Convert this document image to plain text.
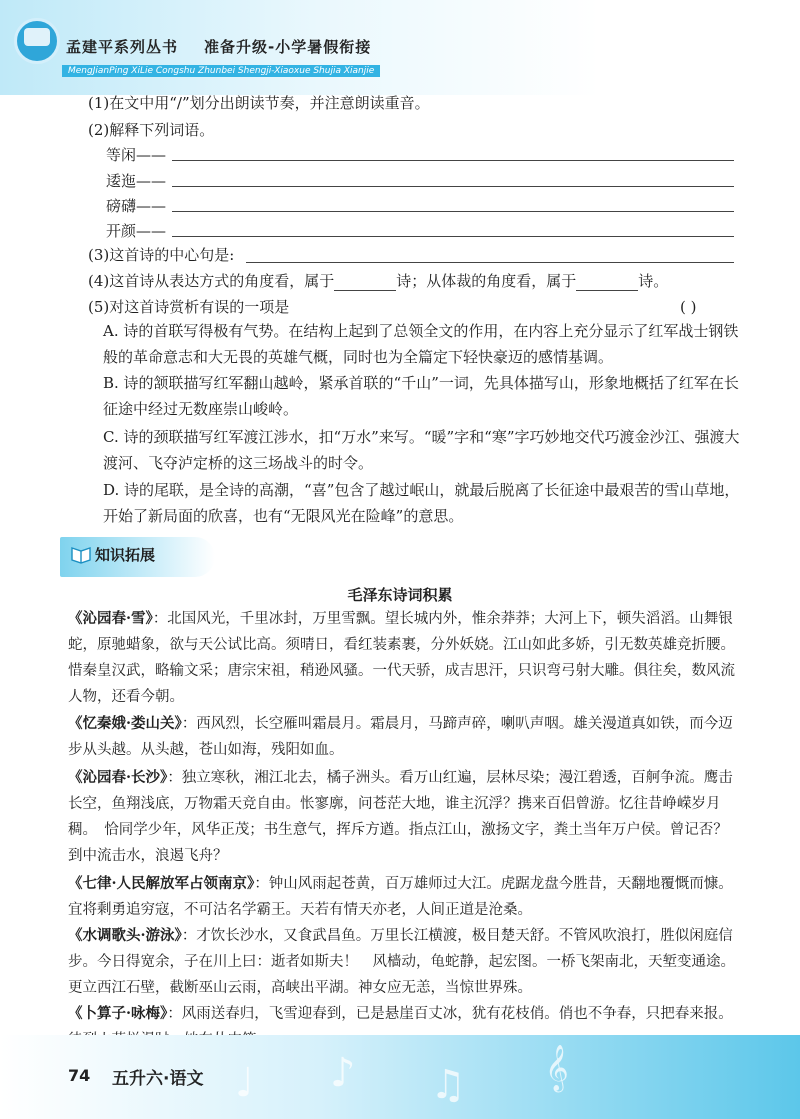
孟建平系列丛书 准备升级-小学暑假衔接
MengJianPing XiLie Congshu Zhunbei Shengji-Xiaoxue Shujia Xianjie
(1)在文中用“/”划分出朗读节奏，并注意朗读重音。
(2)解释下列词语。
等闲——
逶迤——
磅礴——
开颜——
(3)这首诗的中心句是:
(4)这首诗从表达方式的角度看，属于	诗；从体裁的角度看，属于	诗。
(5)对这首诗赏析有误的一项是	( )
A. 诗的首联写得极有气势。在结构上起到了总领全文的作用，在内容上充分显示了红军战士钢铁般的革命意志和大无畏的英雄气概，同时也为全篇定下轻快豪迈的感情基调。
B. 诗的颔联描写红军翻山越岭，紧承首联的“千山”一词，先具体描写山，形象地概括了红军在长征途中经过无数座崇山峻岭。
C. 诗的颈联描写红军渡江涉水，扣“万水”来写。“暖”字和“寒”字巧妙地交代巧渡金沙江、强渡大渡河、飞夺泸定桥的这三场战斗的时令。
D. 诗的尾联，是全诗的高潮，“喜”包含了越过岷山，就最后脱离了长征途中最艰苦的雪山草地，开始了新局面的欣喜，也有“无限风光在险峰”的意思。
知识拓展
毛泽东诗词积累
《沁园春·雪》：北国风光，千里冰封，万里雪飘。望长城内外，惟余莽莽；大河上下，顿失滔滔。山舞银蛇，原驰蜡象，欲与天公试比高。须晴日，看红装素裹，分外妖娆。江山如此多娇，引无数英雄竞折腰。　惜秦皇汉武，略输文采；唐宗宋祖，稍逊风骚。一代天骄，成吉思汗，只识弯弓射大雕。俱往矣，数风流人物，还看今朝。
《忆秦娥·娄山关》：西风烈，长空雁叫霜晨月。霜晨月，马蹄声碎，喇叭声咽。雄关漫道真如铁，而今迈步从头越。从头越，苍山如海，残阳如血。
《沁园春·长沙》：独立寒秋，湘江北去，橘子洲头。看万山红遍，层林尽染；漫江碧透，百舸争流。鹰击长空，鱼翔浅底，万物霜天竞自由。怅寥廓，问苍茫大地，谁主沉浮？携来百侣曾游。忆往昔峥嵘岁月稠。　恰同学少年，风华正茂；书生意气，挥斥方遒。指点江山，激扬文字，粪土当年万户侯。曾记否？到中流击水，浪遏飞舟？
《七律·人民解放军占领南京》：钟山风雨起苍黄，百万雄师过大江。虎踞龙盘今胜昔，天翻地覆慨而慷。宜将剩勇追穷寇，不可沽名学霸王。天若有情天亦老，人间正道是沧桑。
《水调歌头·游泳》：才饮长沙水，又食武昌鱼。万里长江横渡，极目楚天舒。不管风吹浪打，胜似闲庭信步。今日得宽余，子在川上曰：逝者如斯夫！　风樯动，龟蛇静，起宏图。一桥飞架南北，天堑变通途。更立西江石壁，截断巫山云雨，高峡出平湖。神女应无恙，当惊世界殊。
《卜算子·咏梅》：风雨送春归，飞雪迎春到，已是悬崖百丈冰，犹有花枝俏。俏也不争春，只把春来报。
♩ ♪ ♫ 𝄞
74 五升六·语文
